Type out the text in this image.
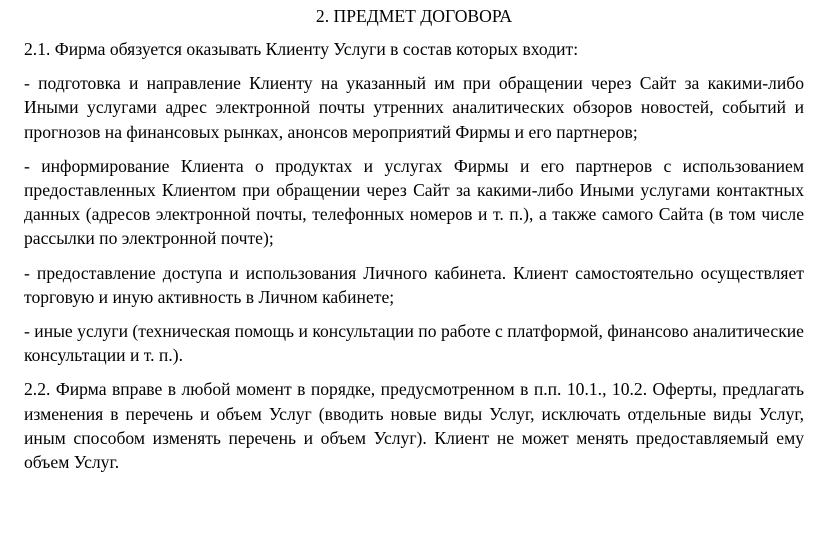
2. ПРЕДМЕТ ДОГОВОРА

2.1. Фирма обязуется оказывать Клиенту Услуги в состав которых входит:

- подготовка и направление Клиенту на указанный им при обращении через Сайт за какими-либо Иными услугами адрес электронной почты утренних аналитических обзоров новостей, событий и прогнозов на финансовых рынках, анонсов мероприятий Фирмы и его партнеров;

- информирование Клиента о продуктах и услугах Фирмы и его партнеров с использованием предоставленных Клиентом при обращении через Сайт за какими-либо Иными услугами контактных данных (адресов электронной почты, телефонных номеров и т. п.), а также самого Сайта (в том числе рассылки по электронной почте);

- предоставление доступа и использования Личного кабинета. Клиент самостоятельно осуществляет торговую и иную активность в Личном кабинете;

- иные услуги (техническая помощь и консультации по работе с платформой, финансово аналитические консультации и т. п.).

2.2. Фирма вправе в любой момент в порядке, предусмотренном в п.п. 10.1., 10.2. Оферты, предлагать изменения в перечень и объем Услуг (вводить новые виды Услуг, исключать отдельные виды Услуг, иным способом изменять перечень и объем Услуг). Клиент не может менять предоставляемый ему объем Услуг.
